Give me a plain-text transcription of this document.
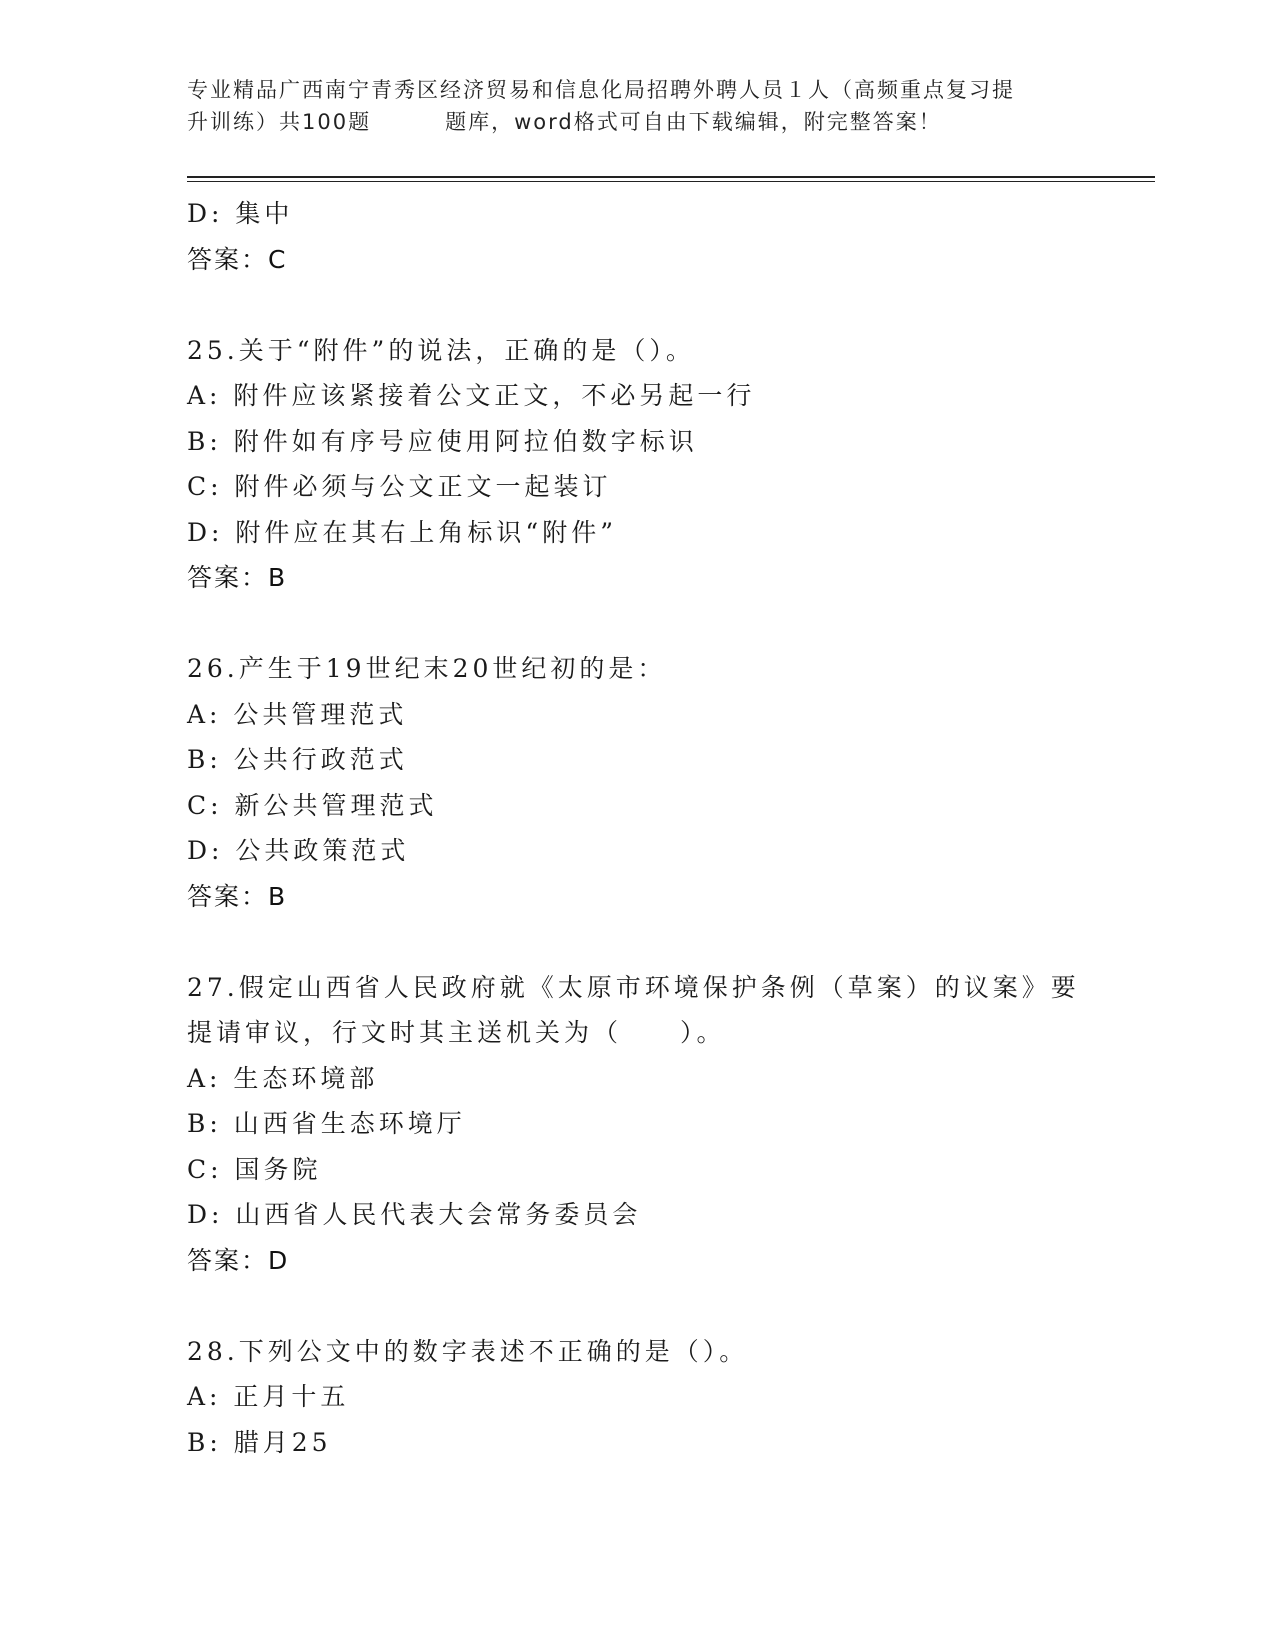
专业精品广西南宁青秀区经济贸易和信息化局招聘外聘人员１人（高频重点复习提
升训练）共100题	题库，word格式可自由下载编辑，附完整答案！
D: 集中
答案：C
25.关于“附件”的说法，正确的是（）。
A: 附件应该紧接着公文正文，不必另起一行
B: 附件如有序号应使用阿拉伯数字标识
C: 附件必须与公文正文一起装订
D: 附件应在其右上角标识“附件”
答案：B
26.产生于19世纪末20世纪初的是：
A: 公共管理范式
B: 公共行政范式
C: 新公共管理范式
D: 公共政策范式
答案：B
27.假定山西省人民政府就《太原市环境保护条例（草案）的议案》要
提请审议，行文时其主送机关为（　　）。
A: 生态环境部
B: 山西省生态环境厅
C: 国务院
D: 山西省人民代表大会常务委员会
答案：D
28.下列公文中的数字表述不正确的是（）。
A: 正月十五
B: 腊月25
